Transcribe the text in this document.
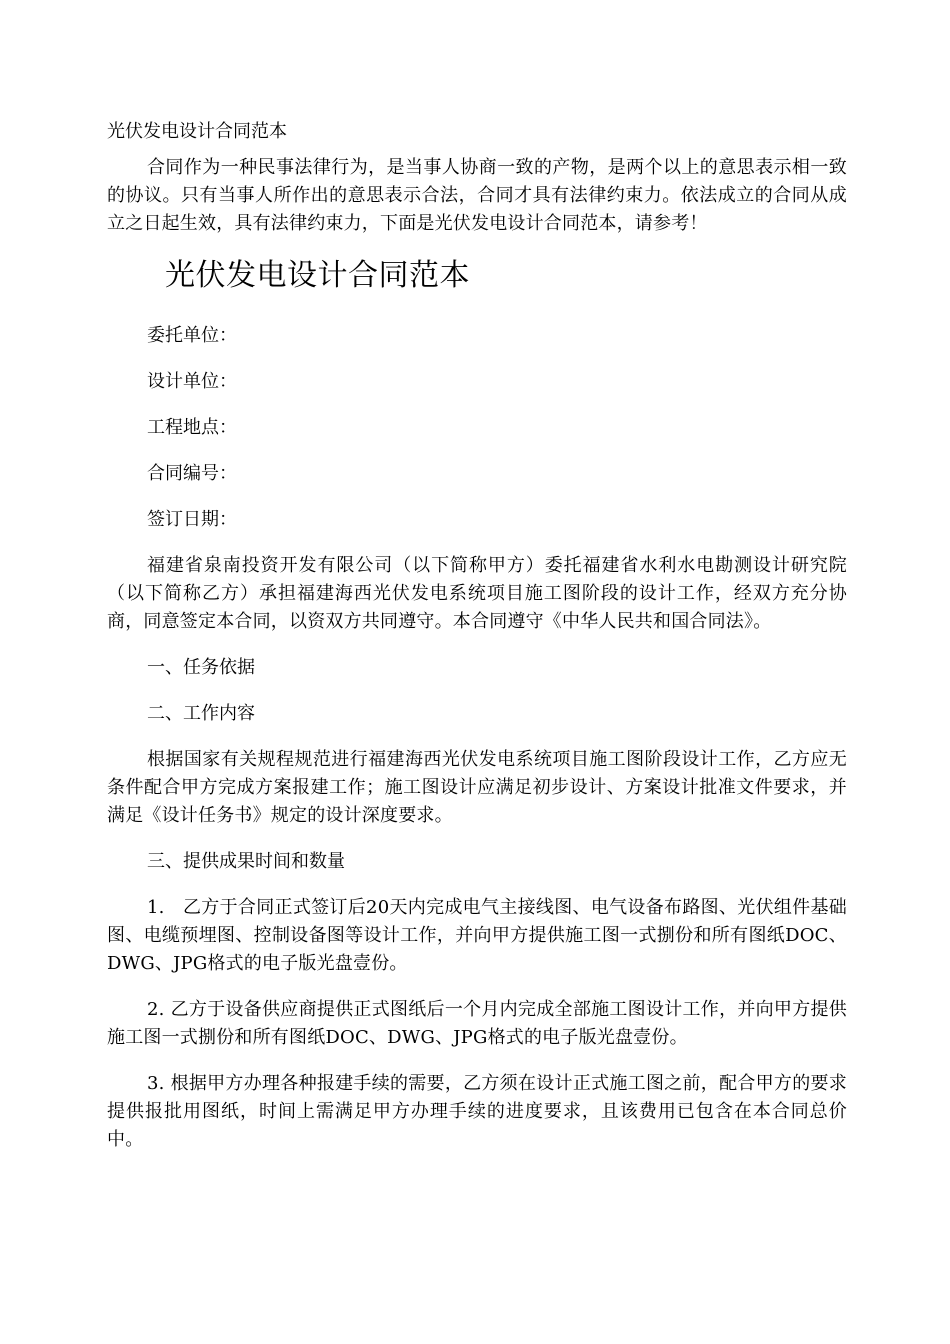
光伏发电设计合同范本

合同作为一种民事法律行为，是当事人协商一致的产物，是两个以上的意思表示相一致的协议。只有当事人所作出的意思表示合法，合同才具有法律约束力。依法成立的合同从成立之日起生效，具有法律约束力，下面是光伏发电设计合同范本，请参考！

光伏发电设计合同范本

委托单位：

设计单位：

工程地点：

合同编号：

签订日期：

福建省泉南投资开发有限公司（以下简称甲方）委托福建省水利水电勘测设计研究院（以下简称乙方）承担福建海西光伏发电系统项目施工图阶段的设计工作，经双方充分协商，同意签定本合同，以资双方共同遵守。本合同遵守《中华人民共和国合同法》。

一、任务依据

二、工作内容

根据国家有关规程规范进行福建海西光伏发电系统项目施工图阶段设计工作，乙方应无条件配合甲方完成方案报建工作；施工图设计应满足初步设计、方案设计批准文件要求，并满足《设计任务书》规定的设计深度要求。

三、提供成果时间和数量

1.　乙方于合同正式签订后20天内完成电气主接线图、电气设备布路图、光伏组件基础图、电缆预埋图、控制设备图等设计工作，并向甲方提供施工图一式捌份和所有图纸DOC、DWG、JPG格式的电子版光盘壹份。

2. 乙方于设备供应商提供正式图纸后一个月内完成全部施工图设计工作，并向甲方提供施工图一式捌份和所有图纸DOC、DWG、JPG格式的电子版光盘壹份。

3. 根据甲方办理各种报建手续的需要，乙方须在设计正式施工图之前，配合甲方的要求提供报批用图纸，时间上需满足甲方办理手续的进度要求，且该费用已包含在本合同总价中。
